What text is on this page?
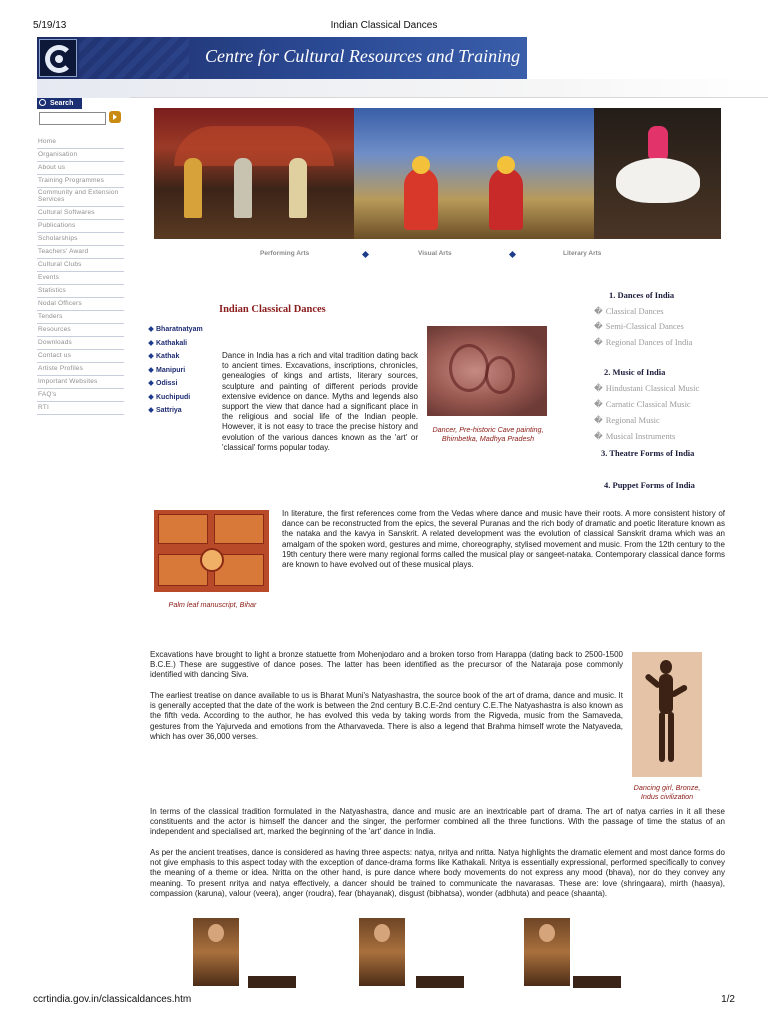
5/19/13	Indian Classical Dances
Centre for Cultural Resources and Training
Search
Home
Organisation
About us
Training Programmes
Community and Extension Services
Cultural Softwares
Publications
Scholarships
Teachers' Award
Cultural Clubs
Events
Statistics
Nodal Officers
Tenders
Resources
Downloads
Contact us
Artiste Profiles
Important Websites
FAQ's
RTI
Performing Arts	Visual Arts	Literary Arts
Indian Classical Dances
Bharatnatyam
Kathakali
Kathak
Manipuri
Odissi
Kuchipudi
Sattriya

Dance in India has a rich and vital tradition dating back to ancient times. Excavations, inscriptions, chronicles, genealogies of kings and artists, literary sources, sculpture and painting of different periods provide extensive evidence on dance. Myths and legends also support the view that dance had a significant place in the religious and social life of the Indian people. However, it is not easy to trace the precise history and evolution of the various dances known as the 'art' or 'classical' forms popular today.

Dancer, Pre-historic Cave painting, Bhimbetka, Madhya Pradesh
1. Dances of India
� Classical Dances
� Semi-Classical Dances
� Regional Dances of India
2. Music of India
� Hindustani Classical Music
� Carnatic Classical Music
� Regional Music
� Musical Instruments
3. Theatre Forms of India
4. Puppet Forms of India
Palm leaf manuscript, Bihar

In literature, the first references come from the Vedas where dance and music have their roots. A more consistent history of dance can be reconstructed from the epics, the several Puranas and the rich body of dramatic and poetic literature known as the nataka and the kavya in Sanskrit. A related development was the evolution of classical Sanskrit drama which was an amalgam of the spoken word, gestures and mime, choreography, stylised movement and music. From the 12th century to the 19th century there were many regional forms called the musical play or sangeet-nataka. Contemporary classical dance forms are known to have evolved out of these musical plays.

Excavations have brought to light a bronze statuette from Mohenjodaro and a broken torso from Harappa (dating back to 2500-1500 B.C.E.) These are suggestive of dance poses. The latter has been identified as the precursor of the Nataraja pose commonly identified with dancing Siva.

The earliest treatise on dance available to us is Bharat Muni's Natyashastra, the source book of the art of drama, dance and music. It is generally accepted that the date of the work is between the 2nd century B.C.E-2nd century C.E.The Natyashastra is also known as the fifth veda. According to the author, he has evolved this veda by taking words from the Rigveda, music from the Samaveda, gestures from the Yajurveda and emotions from the Atharvaveda. There is also a legend that Brahma himself wrote the Natyaveda, which has over 36,000 verses.

Dancing girl, Bronze, Indus civilization

In terms of the classical tradition formulated in the Natyashastra, dance and music are an inextricable part of drama. The art of natya carries in it all these constituents and the actor is himself the dancer and the singer, the performer combined all the three functions. With the passage of time the status of an independent and specialised art, marked the beginning of the 'art' dance in India.

As per the ancient treatises, dance is considered as having three aspects: natya, nritya and nritta. Natya highlights the dramatic element and most dance forms do not give emphasis to this aspect today with the exception of dance-drama forms like Kathakali. Nritya is essentially expressional, performed specifically to convey the meaning of a theme or idea. Nritta on the other hand, is pure dance where body movements do not express any mood (bhava), nor do they convey any meaning. To present nritya and natya effectively, a dancer should be trained to communicate the navarasas. These are: love (shringaara), mirth (haasya), compassion (karuna), valour (veera), anger (roudra), fear (bhayanak), disgust (bibhatsa), wonder (adbhuta) and peace (shaanta).

ccrtindia.gov.in/classicaldances.htm	1/2
